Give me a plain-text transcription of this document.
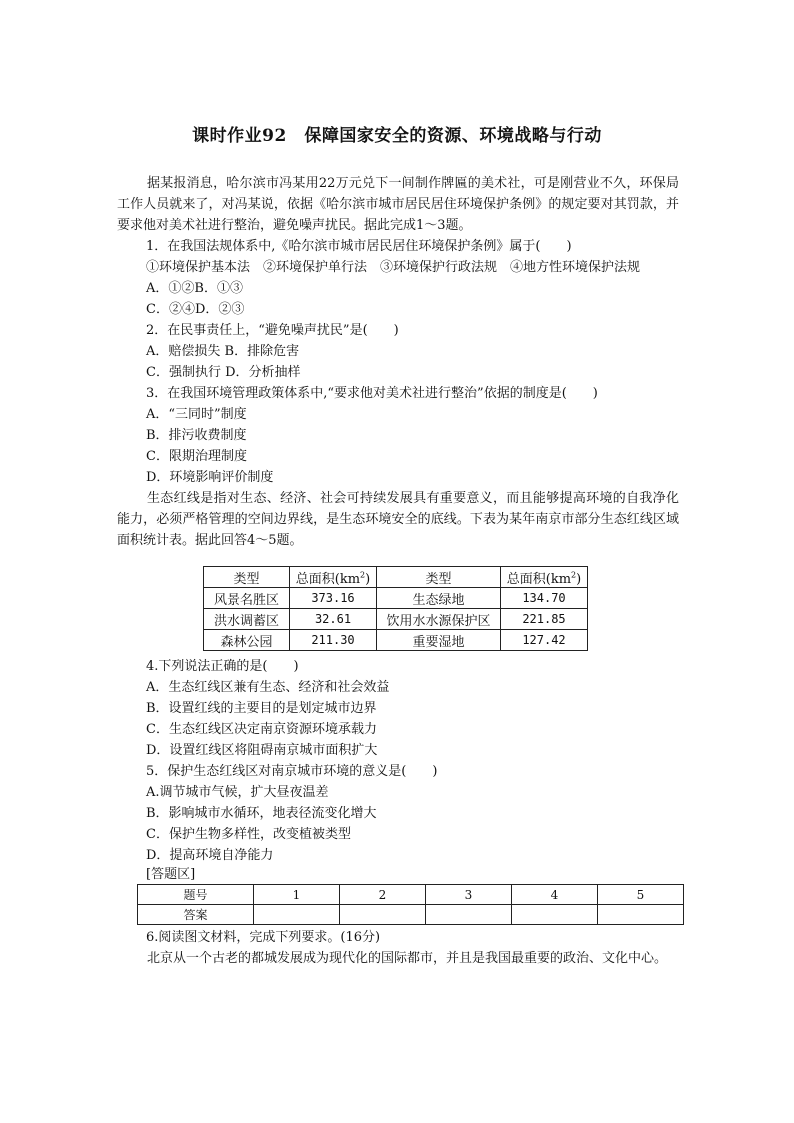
课时作业92　保障国家安全的资源、环境战略与行动
据某报消息，哈尔滨市冯某用22万元兑下一间制作牌匾的美术社，可是刚营业不久，环保局工作人员就来了，对冯某说，依据《哈尔滨市城市居民居住环境保护条例》的规定要对其罚款，并要求他对美术社进行整治，避免噪声扰民。据此完成1～3题。
1．在我国法规体系中,《哈尔滨市城市居民居住环境保护条例》属于(　　)
①环境保护基本法　②环境保护单行法　③环境保护行政法规　④地方性环境保护法规
A．①②B．①③
C．②④D．②③
2．在民事责任上，“避免噪声扰民”是(　　)
A．赔偿损失 B．排除危害
C．强制执行 D．分析抽样
3．在我国环境管理政策体系中,“要求他对美术社进行整治”依据的制度是(　　)
A．“三同时”制度
B．排污收费制度
C．限期治理制度
D．环境影响评价制度
生态红线是指对生态、经济、社会可持续发展具有重要意义，而且能够提高环境的自我净化能力，必须严格管理的空间边界线，是生态环境安全的底线。下表为某年南京市部分生态红线区域面积统计表。据此回答4～5题。
类型	总面积$(km^2)$	类型	总面积$(km^2)$
风景名胜区	373.16	生态绿地	134.70
洪水调蓄区	32.61	饮用水水源保护区	221.85
森林公园	211.30	重要湿地	127.42
4.下列说法正确的是(　　)
A．生态红线区兼有生态、经济和社会效益
B．设置红线的主要目的是划定城市边界
C．生态红线区决定南京资源环境承载力
D．设置红线区将阻碍南京城市面积扩大
5．保护生态红线区对南京城市环境的意义是(　　)
A.调节城市气候，扩大昼夜温差
B．影响城市水循环，地表径流变化增大
C．保护生物多样性，改变植被类型
D．提高环境自净能力
[答题区]
题号	1	2	3	4	5
答案					
6.阅读图文材料，完成下列要求。(16分)
北京从一个古老的都城发展成为现代化的国际都市，并且是我国最重要的政治、文化中心。
